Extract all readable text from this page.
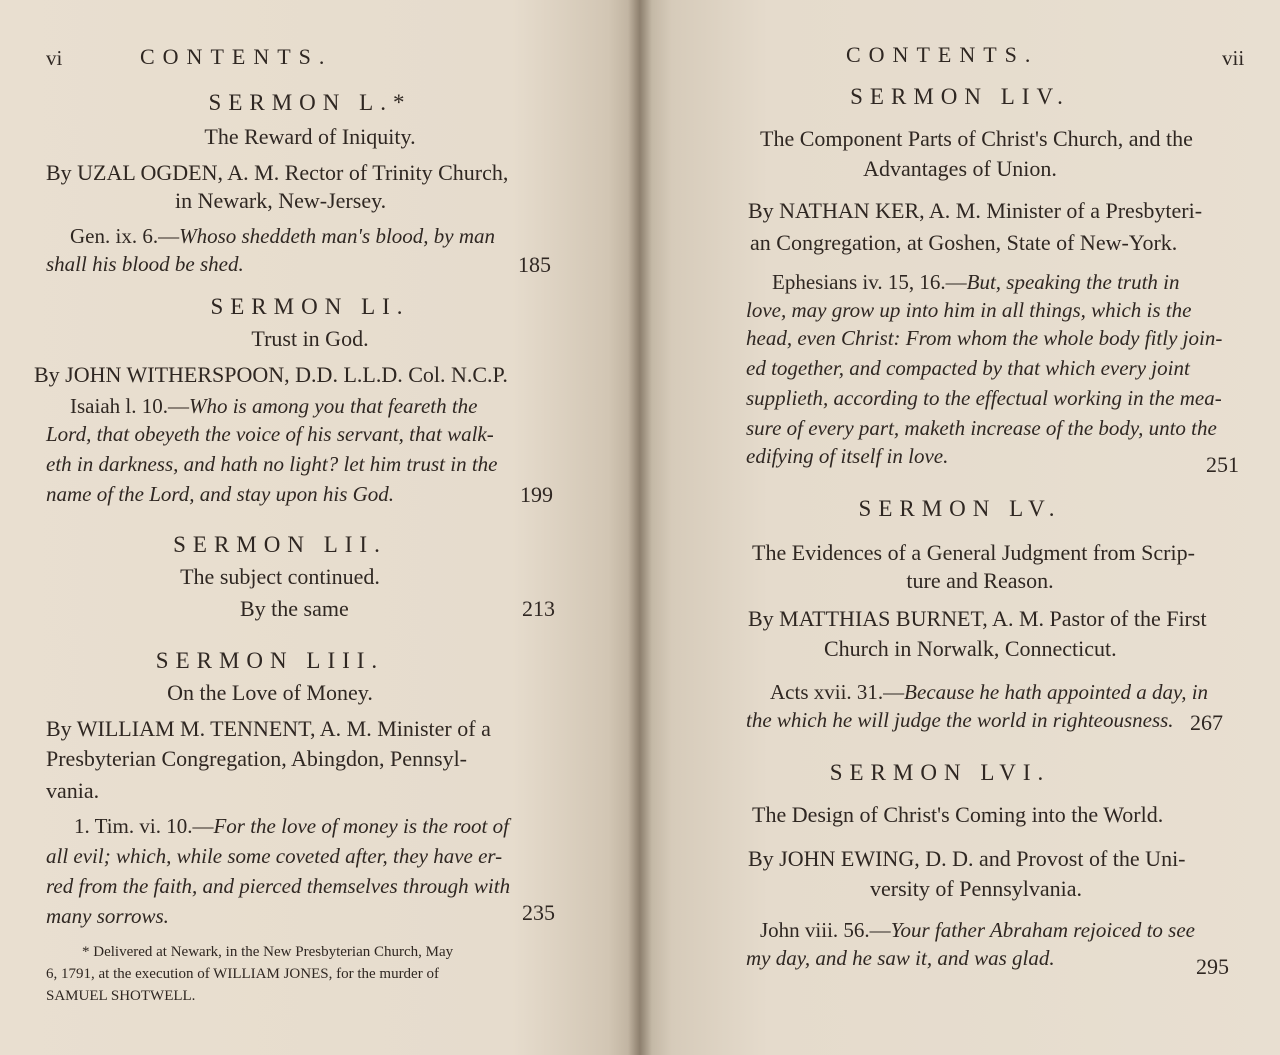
vi	CONTENTS.
SERMON L.*
The Reward of Iniquity.
By UZAL OGDEN, A. M. Rector of Trinity Church,
in Newark, New-Jersey.
Gen. ix. 6.—Whoso sheddeth man's blood, by man
shall his blood be shed.	185
SERMON LI.
Trust in God.
By JOHN WITHERSPOON, D.D. L.L.D. Col. N.C.P.
Isaiah l. 10.—Who is among you that feareth the
Lord, that obeyeth the voice of his servant, that walk-
eth in darkness, and hath no light? let him trust in the
name of the Lord, and stay upon his God.	199
SERMON LII.
The subject continued.
By the same	213
SERMON LIII.
On the Love of Money.
By WILLIAM M. TENNENT, A. M. Minister of a
Presbyterian Congregation, Abingdon, Pennsyl-
vania.
1. Tim. vi. 10.—For the love of money is the root of
all evil; which, while some coveted after, they have er-
red from the faith, and pierced themselves through with
many sorrows.	235
* Delivered at Newark, in the New Presbyterian Church, May
6, 1791, at the execution of WILLIAM JONES, for the murder of
SAMUEL SHOTWELL.
CONTENTS.	vii
SERMON LIV.
The Component Parts of Christ's Church, and the
Advantages of Union.
By NATHAN KER, A. M. Minister of a Presbyteri-
an Congregation, at Goshen, State of New-York.
Ephesians iv. 15, 16.—But, speaking the truth in
love, may grow up into him in all things, which is the
head, even Christ: From whom the whole body fitly join-
ed together, and compacted by that which every joint
supplieth, according to the effectual working in the mea-
sure of every part, maketh increase of the body, unto the
edifying of itself in love.	251
SERMON LV.
The Evidences of a General Judgment from Scrip-
ture and Reason.
By MATTHIAS BURNET, A. M. Pastor of the First
Church in Norwalk, Connecticut.
Acts xvii. 31.—Because he hath appointed a day, in
the which he will judge the world in righteousness. 267
SERMON LVI.
The Design of Christ's Coming into the World.
By JOHN EWING, D. D. and Provost of the Uni-
versity of Pennsylvania.
John viii. 56.—Your father Abraham rejoiced to see
my day, and he saw it, and was glad.	295
